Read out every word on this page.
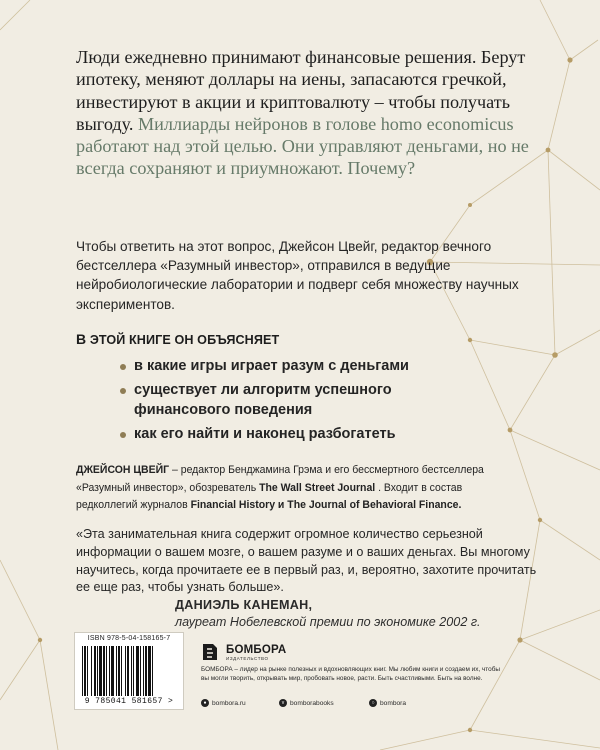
Люди ежедневно принимают финансовые решения. Берут ипотеку, меняют доллары на иены, запасаются гречкой, инвестируют в акции и криптовалюту – чтобы получать выгоду. Миллиарды нейронов в голове homo economicus работают над этой целью. Они управляют деньгами, но не всегда сохраняют и приумножают. Почему?
Чтобы ответить на этот вопрос, Джейсон Цвейг, редактор вечного бестселлера «Разумный инвестор», отправился в ведущие нейробиологические лаборатории и подверг себя множеству научных экспериментов.
В ЭТОЙ КНИГЕ ОН ОБЪЯСНЯЕТ
в какие игры играет разум с деньгами
существует ли алгоритм успешного финансового поведения
как его найти и наконец разбогатеть
ДЖЕЙСОН ЦВЕЙГ – редактор Бенджамина Грэма и его бессмертного бестселлера «Разумный инвестор», обозреватель The Wall Street Journal . Входит в состав редколлегий журналов Financial History и The Journal of Behavioral Finance.
«Эта занимательная книга содержит огромное количество серьезной информации о вашем мозге, о вашем разуме и о ваших деньгах. Вы многому научитесь, когда прочитаете ее в первый раз, и, вероятно, захотите прочитать ее еще раз, чтобы узнать больше».
ДАНИЭЛЬ КАНЕМАН,
лауреат Нобелевской премии по экономике 2002 г.
ISBN 978-5-04-158165-7
9 785041 581657 >
БОМБОРА
ИЗДАТЕЛЬСТВО
БОМБОРА – лидер на рынке полезных и вдохновляющих книг. Мы любим книги и создаем их, чтобы вы могли творить, открывать мир, пробовать новое, расти. Быть счастливыми. Быть на волне.
● bombora.ru	v bomborabooks	○ bombora
